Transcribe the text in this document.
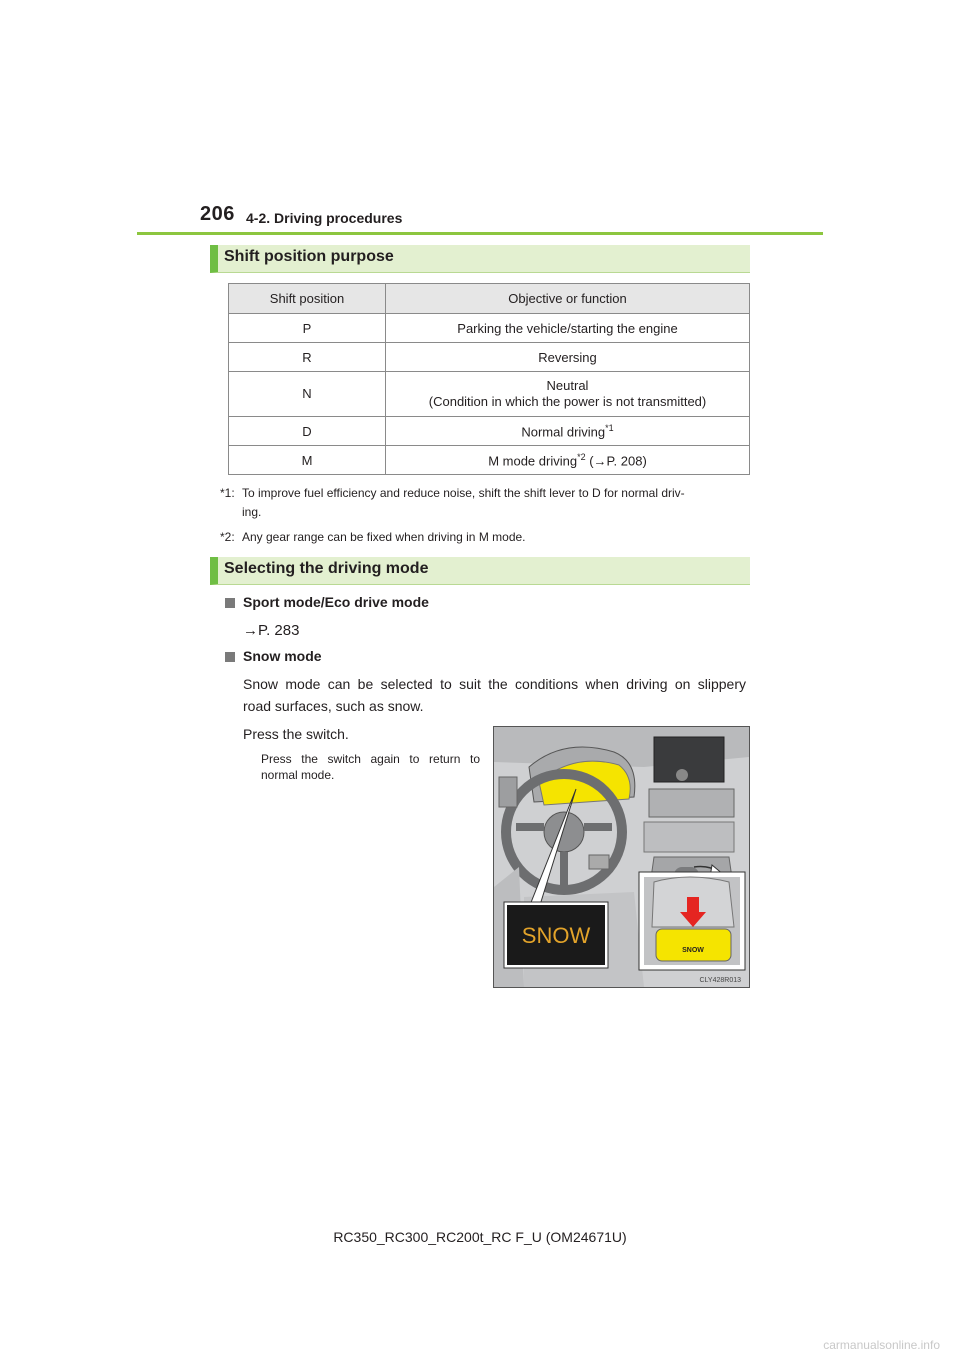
206 4-2. Driving procedures
Shift position purpose
Shift position	Objective or function
P	Parking the vehicle/starting the engine
R	Reversing
N	Neutral
(Condition in which the power is not transmitted)

D	Normal driving$^{*1}$
M	M mode driving$^{*2}$ (→P. 208)
*1: To improve fuel efficiency and reduce noise, shift the shift lever to D for normal driv-
ing.
*2: Any gear range can be fixed when driving in M mode.
Selecting the driving mode
Sport mode/Eco drive mode
→P. 283
Snow mode
Snow mode can be selected to suit the conditions when driving on slippery
road surfaces, such as snow.
Press the switch.
Press the switch again to return to
normal mode.
SNOW
SNOW
CLY428R013
RC350_RC300_RC200t_RC F_U (OM24671U)
carmanualsonline.info
